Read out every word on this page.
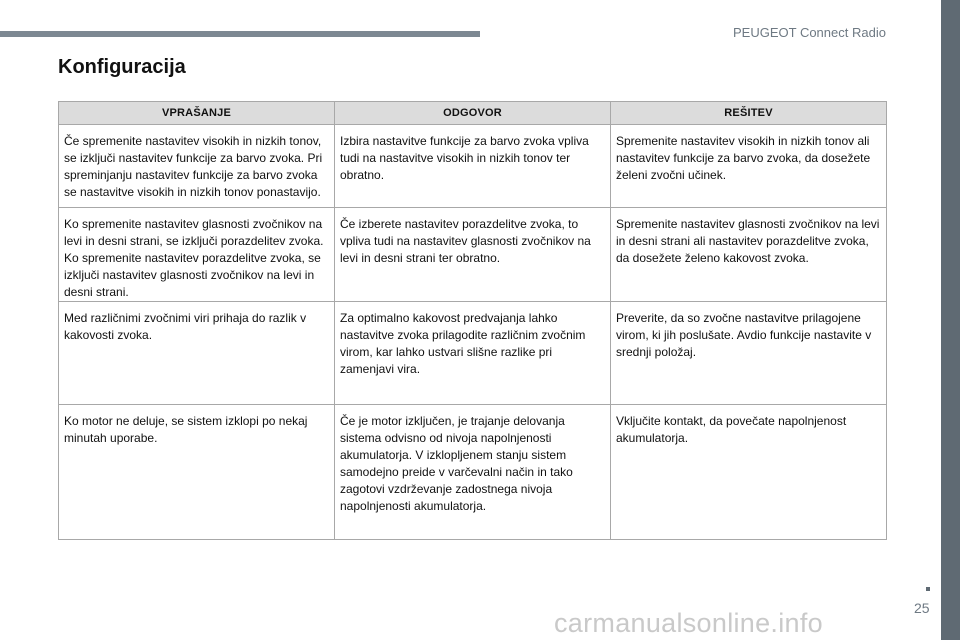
PEUGEOT Connect Radio
Konfiguracija
VPRAŠANJE	ODGOVOR	REŠITEV
Če spremenite nastavitev visokih in nizkih tonov, se izključi nastavitev funkcije za barvo zvoka. Pri spreminjanju nastavitev funkcije za barvo zvoka se nastavitve visokih in nizkih tonov ponastavijo.	Izbira nastavitve funkcije za barvo zvoka vpliva tudi na nastavitve visokih in nizkih tonov ter obratno.	Spremenite nastavitev visokih in nizkih tonov ali nastavitev funkcije za barvo zvoka, da dosežete želeni zvočni učinek.
Ko spremenite nastavitev glasnosti zvočnikov na levi in desni strani, se izključi porazdelitev zvoka. Ko spremenite nastavitev porazdelitve zvoka, se izključi nastavitev glasnosti zvočnikov na levi in desni strani.	Če izberete nastavitev porazdelitve zvoka, to vpliva tudi na nastavitev glasnosti zvočnikov na levi in desni strani ter obratno.	Spremenite nastavitev glasnosti zvočnikov na levi in desni strani ali nastavitev porazdelitve zvoka, da dosežete želeno kakovost zvoka.
Med različnimi zvočnimi viri prihaja do razlik v kakovosti zvoka.	Za optimalno kakovost predvajanja lahko nastavitve zvoka prilagodite različnim zvočnim virom, kar lahko ustvari slišne razlike pri zamenjavi vira.	Preverite, da so zvočne nastavitve prilagojene virom, ki jih poslušate. Avdio funkcije nastavite v srednji položaj.
Ko motor ne deluje, se sistem izklopi po nekaj minutah uporabe.	Če je motor izključen, je trajanje delovanja sistema odvisno od nivoja napolnjenosti akumulatorja. V izklopljenem stanju sistem samodejno preide v varčevalni način in tako zagotovi vzdrževanje zadostnega nivoja napolnjenosti akumulatorja.	Vključite kontakt, da povečate napolnjenost akumulatorja.
25
carmanualsonline.info
